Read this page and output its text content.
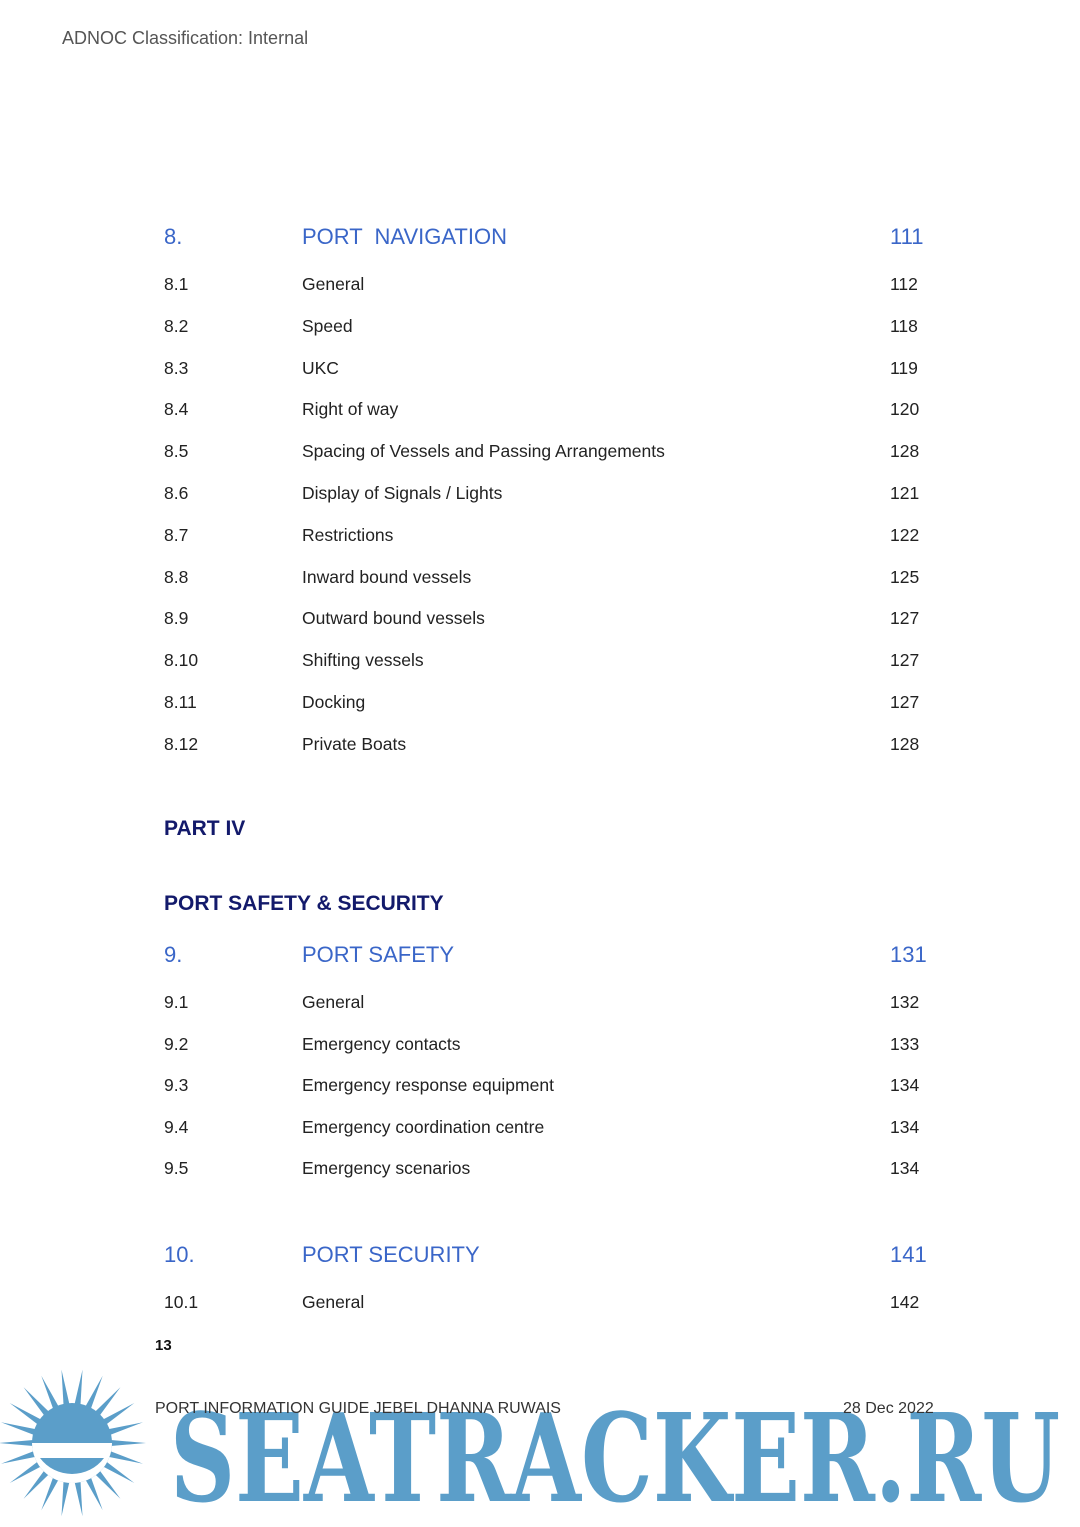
ADNOC Classification: Internal
8.	PORT  NAVIGATION	111
8.1	General	112
8.2	Speed	118
8.3	UKC	119
8.4	Right of way	120
8.5	Spacing of Vessels and Passing Arrangements	128
8.6	Display of Signals / Lights	121
8.7	Restrictions	122
8.8	Inward bound vessels	125
8.9	Outward bound vessels	127
8.10	Shifting vessels	127
8.11	Docking	127
8.12	Private Boats	128
PART IV
PORT SAFETY & SECURITY
9.	PORT SAFETY	131
9.1	General	132
9.2	Emergency contacts	133
9.3	Emergency response equipment	134
9.4	Emergency coordination centre	134
9.5	Emergency scenarios	134
10.	PORT SECURITY	141
10.1	General	142
13
SEATRACKER.RU
PORT INFORMATION GUIDE JEBEL DHANNA RUWAIS	28 Dec 2022
